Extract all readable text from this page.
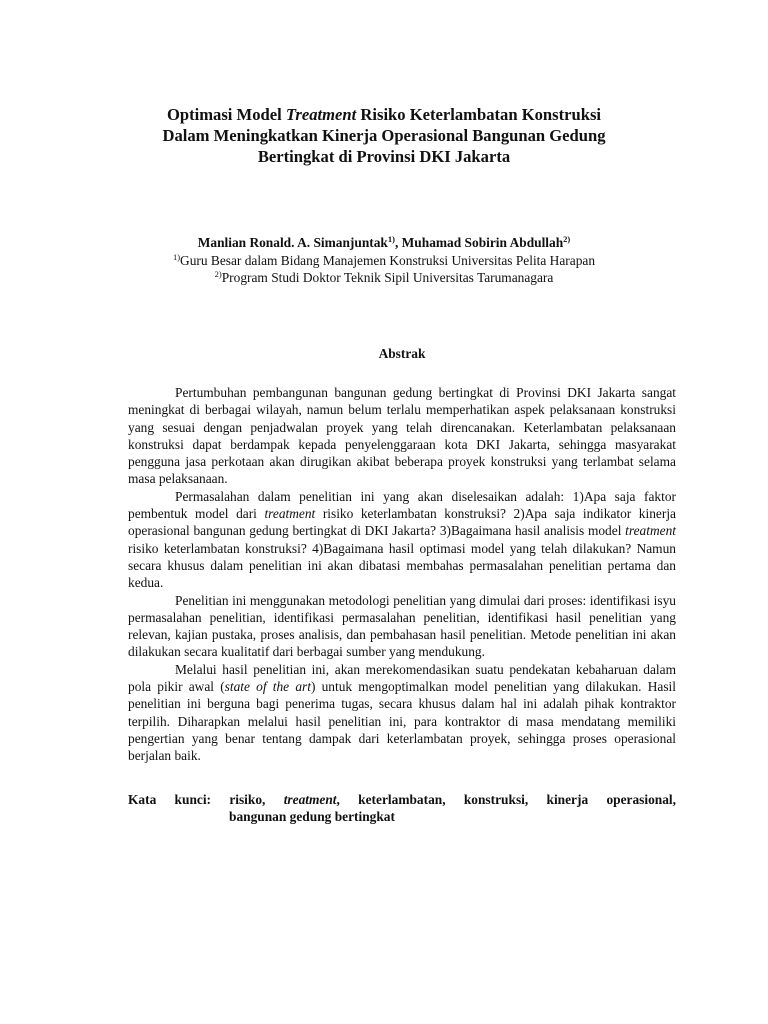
Optimasi Model Treatment Risiko Keterlambatan Konstruksi
Dalam Meningkatkan Kinerja Operasional Bangunan Gedung
Bertingkat di Provinsi DKI Jakarta
Manlian Ronald. A. Simanjuntak$^{1)}$, Muhamad Sobirin Abdullah$^{2)}$
$^{1)}$Guru Besar dalam Bidang Manajemen Konstruksi Universitas Pelita Harapan
$^{2)}$Program Studi Doktor Teknik Sipil Universitas Tarumanagara
Abstrak

Pertumbuhan pembangunan bangunan gedung bertingkat di Provinsi DKI Jakarta sangat meningkat di berbagai wilayah, namun belum terlalu memperhatikan aspek pelaksanaan konstruksi yang sesuai dengan penjadwalan proyek yang telah direncanakan. Keterlambatan pelaksanaan konstruksi dapat berdampak kepada penyelenggaraan kota DKI Jakarta, sehingga masyarakat pengguna jasa perkotaan akan dirugikan akibat beberapa proyek konstruksi yang terlambat selama masa pelaksanaan.

Permasalahan dalam penelitian ini yang akan diselesaikan adalah: 1)Apa saja faktor pembentuk model dari treatment risiko keterlambatan konstruksi? 2)Apa saja indikator kinerja operasional bangunan gedung bertingkat di DKI Jakarta? 3)Bagaimana hasil analisis model treatment risiko keterlambatan konstruksi? 4)Bagaimana hasil optimasi model yang telah dilakukan? Namun secara khusus dalam penelitian ini akan dibatasi membahas permasalahan penelitian pertama dan kedua.

Penelitian ini menggunakan metodologi penelitian yang dimulai dari proses: identifikasi isyu permasalahan penelitian, identifikasi permasalahan penelitian, identifikasi hasil penelitian yang relevan, kajian pustaka, proses analisis, dan pembahasan hasil penelitian. Metode penelitian ini akan dilakukan secara kualitatif dari berbagai sumber yang mendukung.

Melalui hasil penelitian ini, akan merekomendasikan suatu pendekatan kebaharuan dalam pola pikir awal (state of the art) untuk mengoptimalkan model penelitian yang dilakukan. Hasil penelitian ini berguna bagi penerima tugas, secara khusus dalam hal ini adalah pihak kontraktor terpilih. Diharapkan melalui hasil penelitian ini, para kontraktor di masa mendatang memiliki pengertian yang benar tentang dampak dari keterlambatan proyek, sehingga proses operasional berjalan baik.

Kata kunci: risiko, treatment, keterlambatan, konstruksi, kinerja operasional,
bangunan gedung bertingkat
